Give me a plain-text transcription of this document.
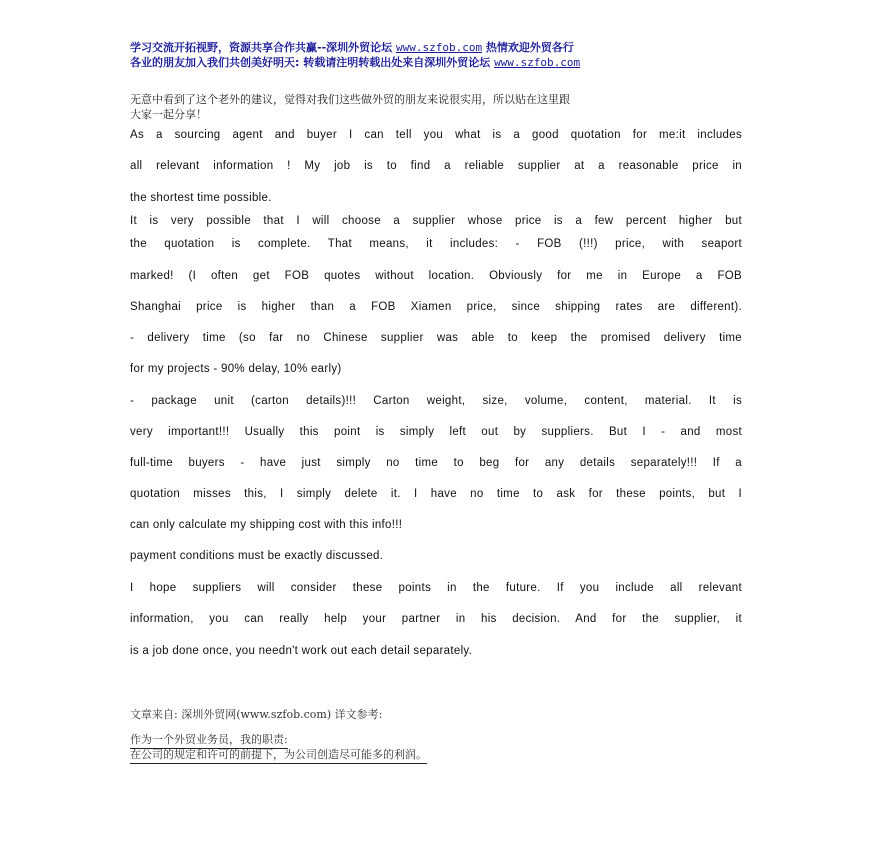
学习交流开拓视野，资源共享合作共赢--深圳外贸论坛 www.szfob.com 热情欢迎外贸各行
各业的朋友加入我们共创美好明天: 转载请注明转载出处来自深圳外贸论坛 www.szfob.com
无意中看到了这个老外的建议，觉得对我们这些做外贸的朋友来说很实用，所以贴在这里跟
大家一起分享！
As a sourcing agent and buyer I can tell you what is a good quotation for me:it includes
all relevant information ! My job is to find a reliable supplier at a reasonable price in
the shortest time possible.
It is very possible that I will choose a supplier whose price is a few percent higher but
the quotation is complete. That means, it includes: - FOB (!!!) price, with seaport
marked! (I often get FOB quotes without location. Obviously for me in Europe a FOB
Shanghai price is higher than a FOB Xiamen price, since shipping rates are different).
- delivery time (so far no Chinese supplier was able to keep the promised delivery time
for my projects - 90% delay, 10% early)
- package unit (carton details)!!! Carton weight, size, volume, content, material. It is
very important!!! Usually this point is simply left out by suppliers. But I - and most
full-time buyers - have just simply no time to beg for any details separately!!! If a
quotation misses this, I simply delete it. I have no time to ask for these points, but I
can only calculate my shipping cost with this info!!!
payment conditions must be exactly discussed.
I hope suppliers will consider these points in the future. If you include all relevant
information, you can really help your partner in his decision. And for the supplier, it
is a job done once, you needn't work out each detail separately.
文章来自: 深圳外贸网(www.szfob.com) 详文参考:
作为一个外贸业务员，我的职责:
在公司的规定和许可的前提下，为公司创造尽可能多的利润。
